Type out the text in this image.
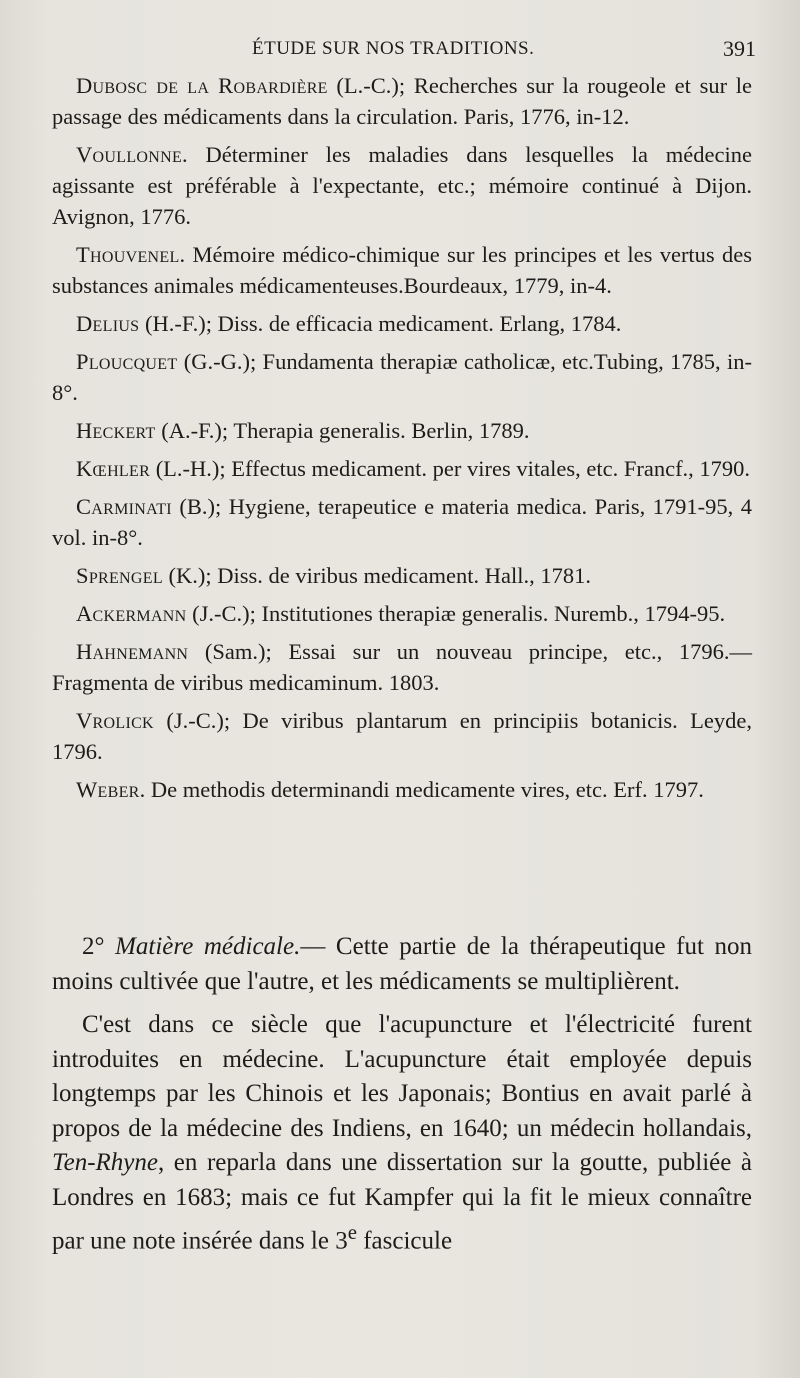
ÉTUDE SUR NOS TRADITIONS.	391

Dubosc de la Robardière (L.-C.); Recherches sur la rougeole et sur le passage des médicaments dans la circulation. Paris, 1776, in-12.

Voullonne. Déterminer les maladies dans lesquelles la médecine agissante est préférable à l'expectante, etc.; mémoire continué à Dijon. Avignon, 1776.

Thouvenel. Mémoire médico-chimique sur les principes et les vertus des substances animales médicamenteuses.Bourdeaux, 1779, in-4.

Delius (H.-F.); Diss. de efficacia medicament. Erlang, 1784.

Ploucquet (G.-G.); Fundamenta therapiæ catholicæ, etc.Tubing, 1785, in-8°.

Heckert (A.-F.); Therapia generalis. Berlin, 1789.

Kœhler (L.-H.); Effectus medicament. per vires vitales, etc. Francf., 1790.

Carminati (B.); Hygiene, terapeutice e materia medica. Paris, 1791-95, 4 vol. in-8°.

Sprengel (K.); Diss. de viribus medicament. Hall., 1781.

Ackermann (J.-C.); Institutiones therapiæ generalis. Nuremb., 1794-95.

Hahnemann (Sam.); Essai sur un nouveau principe, etc., 1796.— Fragmenta de viribus medicaminum. 1803.

Vrolick (J.-C.); De viribus plantarum en principiis botanicis. Leyde, 1796.

Weber. De methodis determinandi medicamente vires, etc. Erf. 1797.

2° Matière médicale.— Cette partie de la thérapeutique fut non moins cultivée que l'autre, et les médicaments se multiplièrent.

C'est dans ce siècle que l'acupuncture et l'électricité furent introduites en médecine. L'acupuncture était employée depuis longtemps par les Chinois et les Japonais; Bontius en avait parlé à propos de la médecine des Indiens, en 1640; un médecin hollandais, Ten-Rhyne, en reparla dans une dissertation sur la goutte, publiée à Londres en 1683; mais ce fut Kampfer qui la fit le mieux connaître par une note insérée dans le 3e fascicule
